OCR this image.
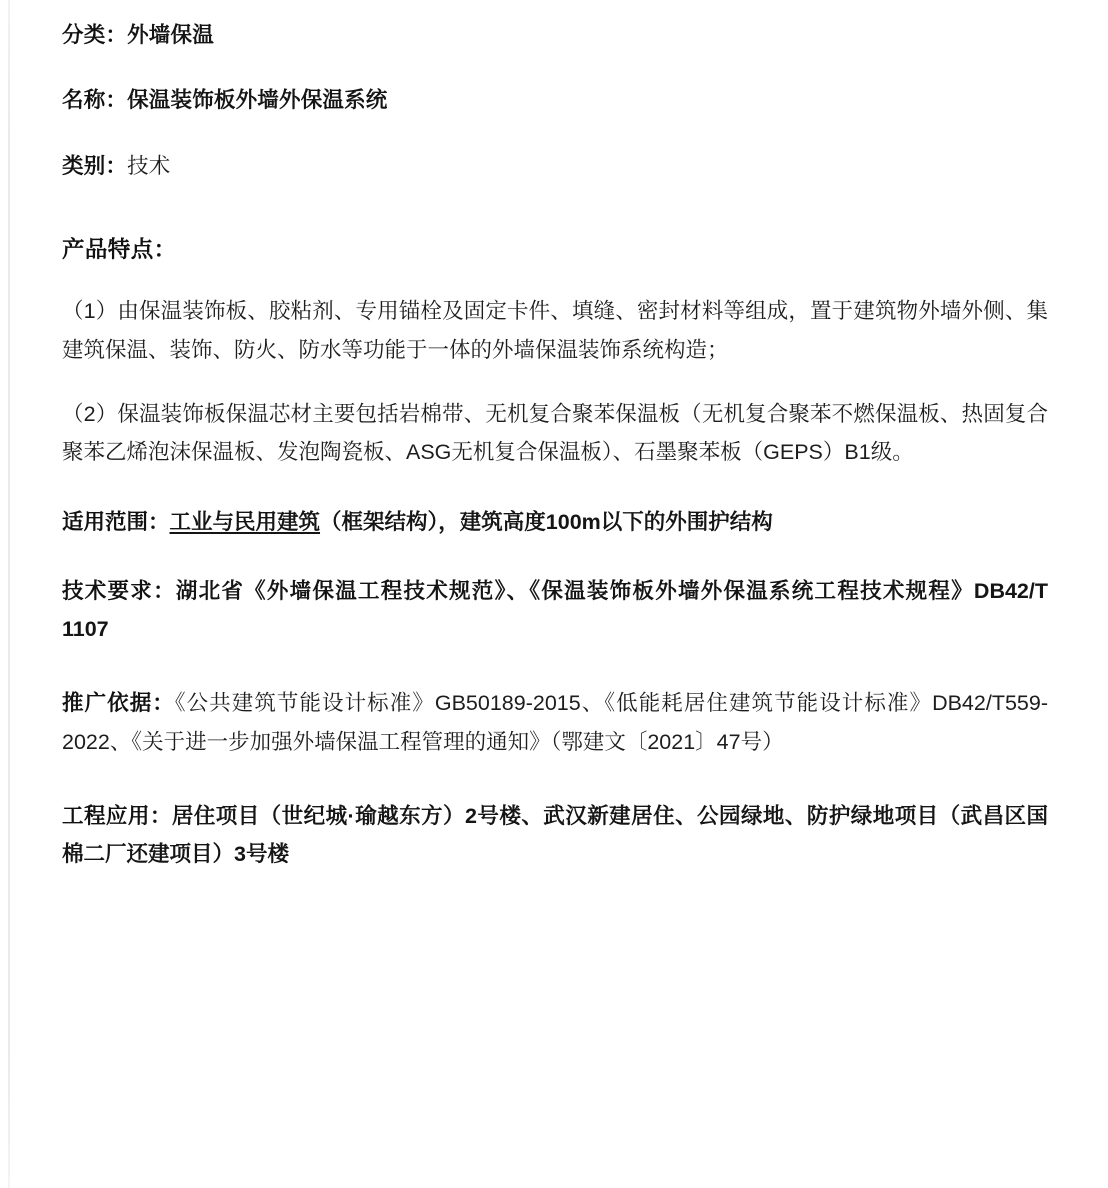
分类：外墙保温
名称：保温装饰板外墙外保温系统
类别：技术
产品特点：

（1）由保温装饰板、胶粘剂、专用锚栓及固定卡件、填缝、密封材料等组成，置于建筑物外墙外侧、集建筑保温、装饰、防火、防水等功能于一体的外墙保温装饰系统构造；

（2）保温装饰板保温芯材主要包括岩棉带、无机复合聚苯保温板（无机复合聚苯不燃保温板、热固复合聚苯乙烯泡沫保温板、发泡陶瓷板、ASG无机复合保温板）、石墨聚苯板（GEPS）B1级。

适用范围：工业与民用建筑（框架结构），建筑高度100m以下的外围护结构
技术要求：湖北省《外墙保温工程技术规范》、《保温装饰板外墙外保温系统工程技术规程》DB42/T 1107
推广依据：《公共建筑节能设计标准》GB50189-2015、《低能耗居住建筑节能设计标准》DB42/T559-2022、《关于进一步加强外墙保温工程管理的通知》（鄂建文〔2021〕47号）
工程应用：居住项目（世纪城·瑜越东方）2号楼、武汉新建居住、公园绿地、防护绿地项目（武昌区国棉二厂还建项目）3号楼
